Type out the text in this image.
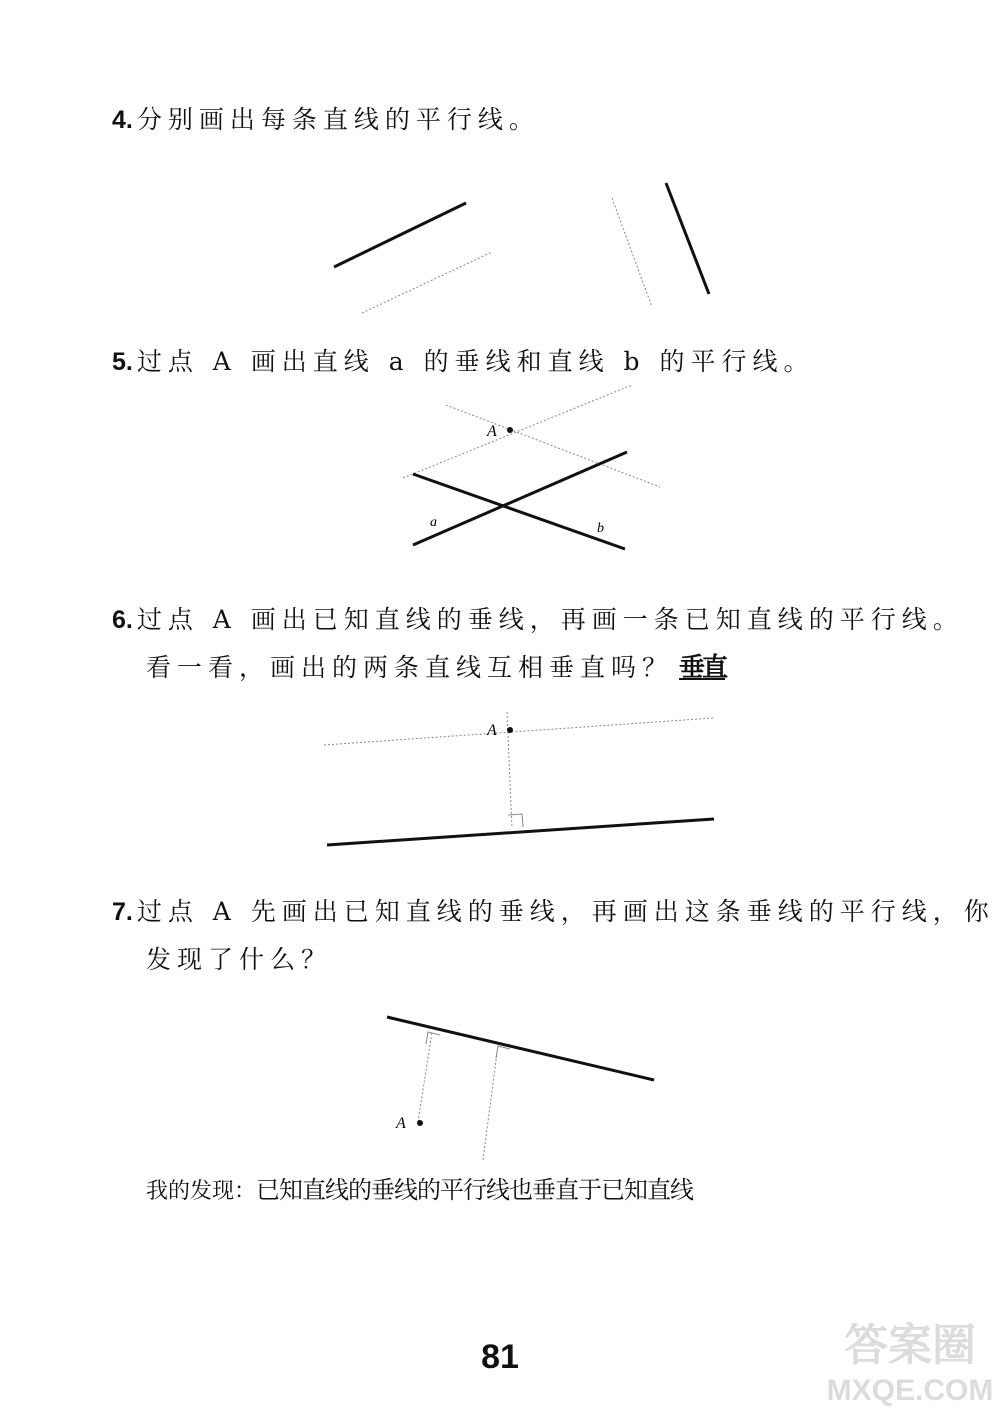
4. 分别画出每条直线的平行线。
5. 过点 A 画出直线 a 的垂线和直线 b 的平行线。
A
a	b
6. 过点 A 画出已知直线的垂线，再画一条已知直线的平行线。
看一看，画出的两条直线互相垂直吗？ 垂直
A
7. 过点 A 先画出已知直线的垂线，再画出这条垂线的平行线，你
发现了什么？
A
我的发现：已知直线的垂线的平行线也垂直于已知直线
81	答案圈
MXQE.COM
